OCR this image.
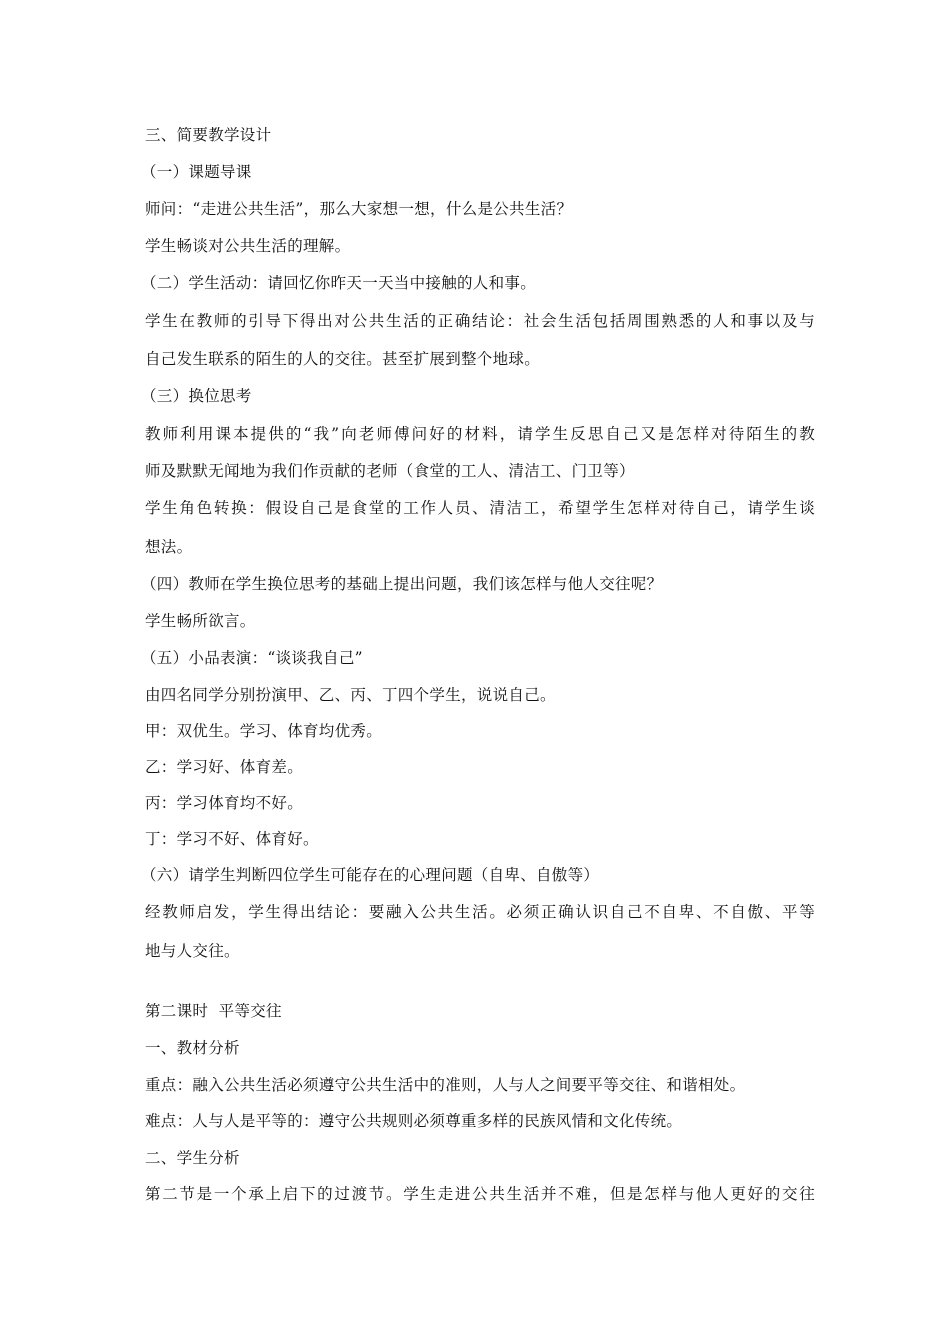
三、简要教学设计
（一）课题导课
师问：“走进公共生活”，那么大家想一想，什么是公共生活？
学生畅谈对公共生活的理解。
（二）学生活动：请回忆你昨天一天当中接触的人和事。
学生在教师的引导下得出对公共生活的正确结论：社会生活包括周围熟悉的人和事以及与
自己发生联系的陌生的人的交往。甚至扩展到整个地球。
（三）换位思考
教师利用课本提供的“我”向老师傅问好的材料，请学生反思自己又是怎样对待陌生的教
师及默默无闻地为我们作贡献的老师（食堂的工人、清洁工、门卫等）
学生角色转换：假设自己是食堂的工作人员、清洁工，希望学生怎样对待自己，请学生谈
想法。
（四）教师在学生换位思考的基础上提出问题，我们该怎样与他人交往呢？
学生畅所欲言。
（五）小品表演：“谈谈我自己”
由四名同学分别扮演甲、乙、丙、丁四个学生，说说自己。
甲：双优生。学习、体育均优秀。
乙：学习好、体育差。
丙：学习体育均不好。
丁：学习不好、体育好。
（六）请学生判断四位学生可能存在的心理问题（自卑、自傲等）
经教师启发，学生得出结论：要融入公共生活。必须正确认识自己不自卑、不自傲、平等
地与人交往。
第二课时  平等交往
一、教材分析
重点：融入公共生活必须遵守公共生活中的准则，人与人之间要平等交往、和谐相处。
难点：人与人是平等的：遵守公共规则必须尊重多样的民族风情和文化传统。
二、学生分析
第二节是一个承上启下的过渡节。学生走进公共生活并不难，但是怎样与他人更好的交往
